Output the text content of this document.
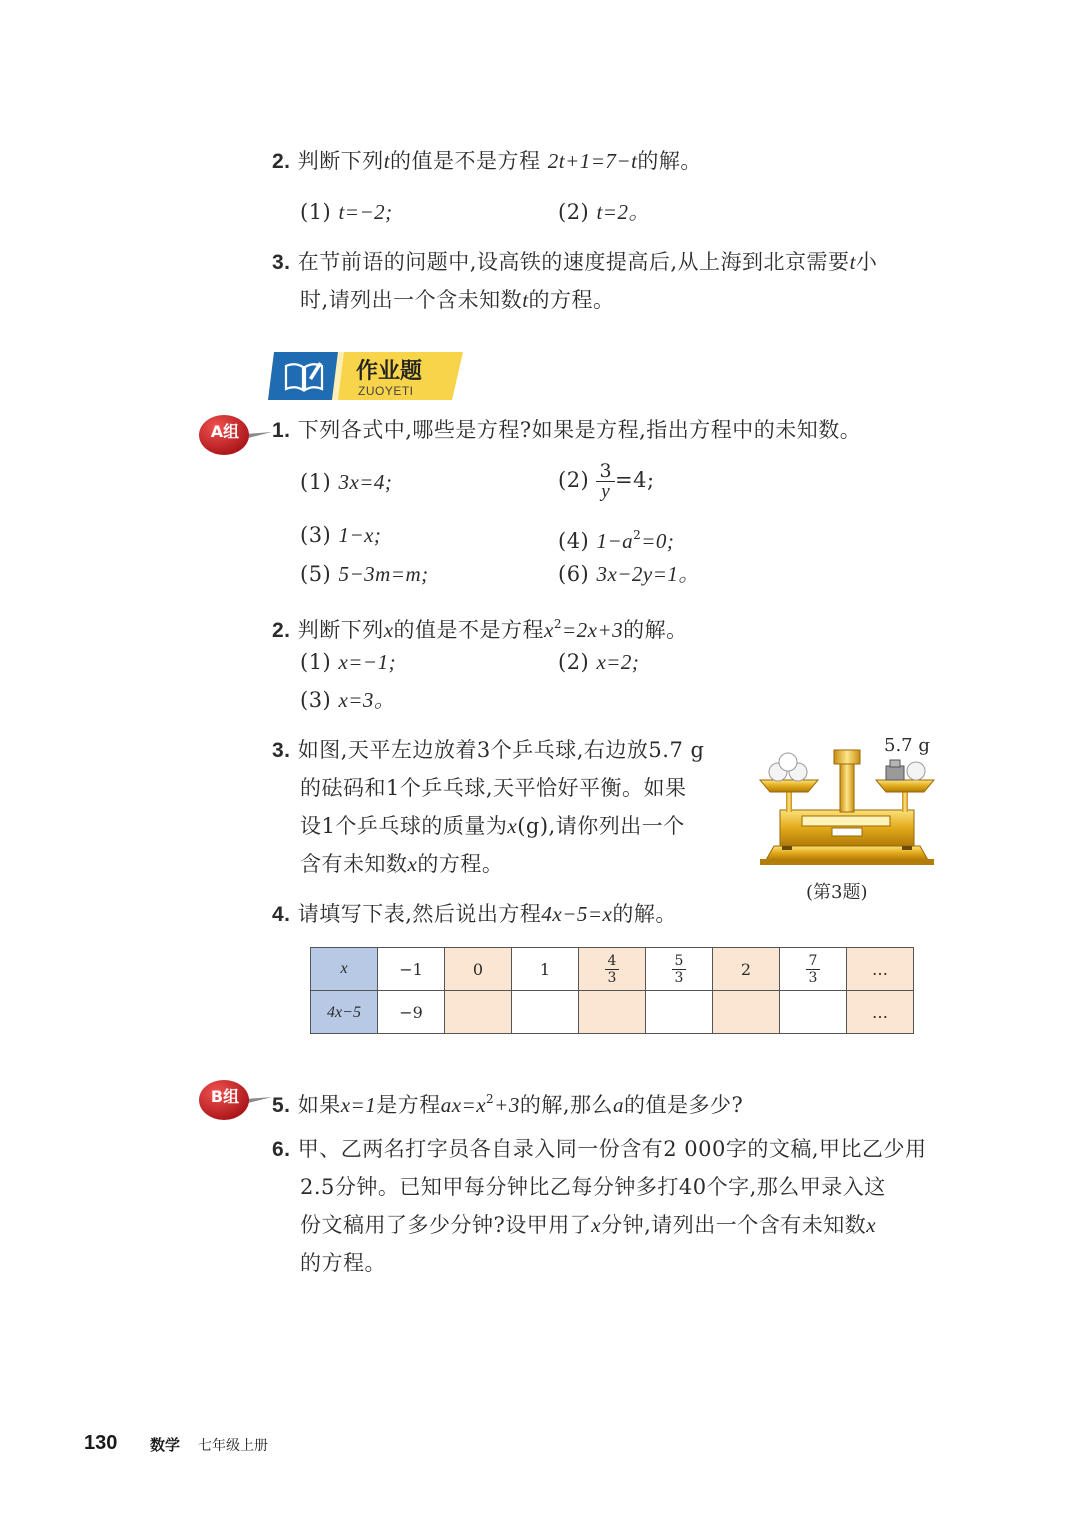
2. 判断下列t的值是不是方程 2t+1=7−t的解。
(1) t=−2;	(2) t=2。
3. 在节前语的问题中,设高铁的速度提高后,从上海到北京需要t小
时,请列出一个含未知数t的方程。
作业题
ZUOYETI
A组	1. 下列各式中,哪些是方程?如果是方程,指出方程中的未知数。
(1) 3x=4;	$(2) \frac{3}{y} =4$;
(3) 1−x;	(4) $1-a^2=0$;
(5) 5−3m=m;	(6) 3x−2y=1。
2. 判断下列x的值是不是方程$x^2=2x+3$的解。
(1) x=−1;	(2) x=2;
(3) x=3。
3. 如图,天平左边放着3个乒乓球,右边放5.7 g
的砝码和1个乒乓球,天平恰好平衡。如果
设1个乒乓球的质量为x(g),请你列出一个
含有未知数x的方程。
5.7 g
(第3题)
4. 请填写下表,然后说出方程4x−5=x的解。
x	−1	0	1	$\frac{4}{3}$	$\frac{5}{3}$	2	$\frac{7}{3}$	…
4x−5	−9							…
B组	5. 如果x=1是方程$ax=x^2+3$的解,那么a的值是多少?
6. 甲、乙两名打字员各自录入同一份含有2 000字的文稿,甲比乙少用
2.5分钟。已知甲每分钟比乙每分钟多打40个字,那么甲录入这
份文稿用了多少分钟?设甲用了x分钟,请列出一个含有未知数x
的方程。
130 数学 七年级上册
